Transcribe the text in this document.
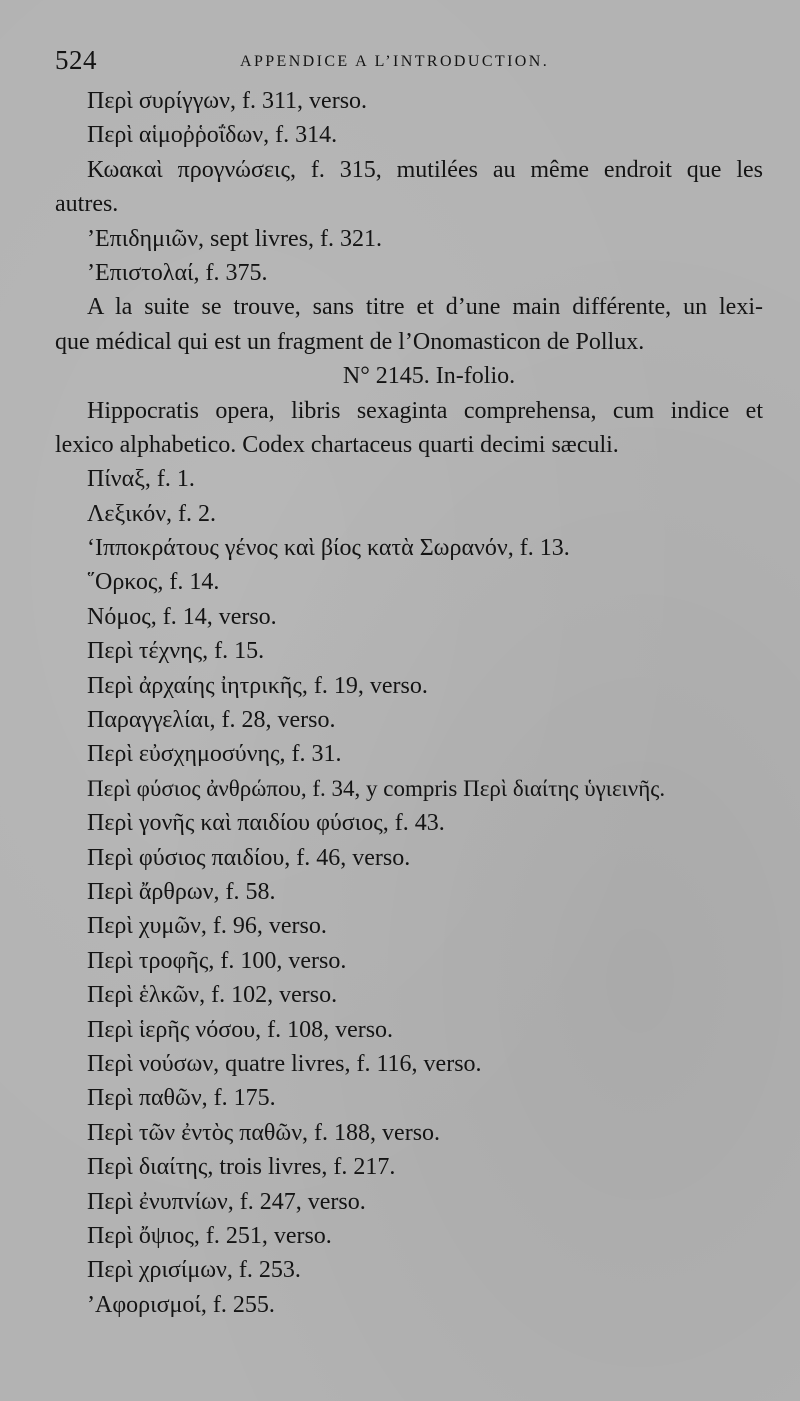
524	APPENDICE A L’INTRODUCTION.
Περὶ συρίγγων, f. 311, verso.
Περὶ αἱμοῤῥοΐδων, f. 314.
Κωακαὶ προγνώσεις, f. 315, mutilées au même endroit que les
autres.
’Επιδημιῶν, sept livres, f. 321.
’Επιστολαί, f. 375.
A la suite se trouve, sans titre et d’une main différente, un lexi-
que médical qui est un fragment de l’Onomasticon de Pollux.
N° 2145. In-folio.
Hippocratis opera, libris sexaginta comprehensa, cum indice et
lexico alphabetico. Codex chartaceus quarti decimi sæculi.
Πίναξ, f. 1.
Λεξικόν, f. 2.
‘Ιπποκράτους γένος καὶ βίος κατὰ Σωρανόν, f. 13.
῞Ορκος, f. 14.
Νόμος, f. 14, verso.
Περὶ τέχνης, f. 15.
Περὶ ἀρχαίης ἰητρικῆς, f. 19, verso.
Παραγγελίαι, f. 28, verso.
Περὶ εὐσχημοσύνης, f. 31.
Περὶ φύσιος ἀνθρώπου, f. 34, y compris Περὶ διαίτης ὑγιεινῆς.
Περὶ γονῆς καὶ παιδίου φύσιος, f. 43.
Περὶ φύσιος παιδίου, f. 46, verso.
Περὶ ἄρθρων, f. 58.
Περὶ χυμῶν, f. 96, verso.
Περὶ τροφῆς, f. 100, verso.
Περὶ ἑλκῶν, f. 102, verso.
Περὶ ἱερῆς νόσου, f. 108, verso.
Περὶ νούσων, quatre livres, f. 116, verso.
Περὶ παθῶν, f. 175.
Περὶ τῶν ἐντὸς παθῶν, f. 188, verso.
Περὶ διαίτης, trois livres, f. 217.
Περὶ ἐνυπνίων, f. 247, verso.
Περὶ ὄψιος, f. 251, verso.
Περὶ χρισίμων, f. 253.
’Αφορισμοί, f. 255.
